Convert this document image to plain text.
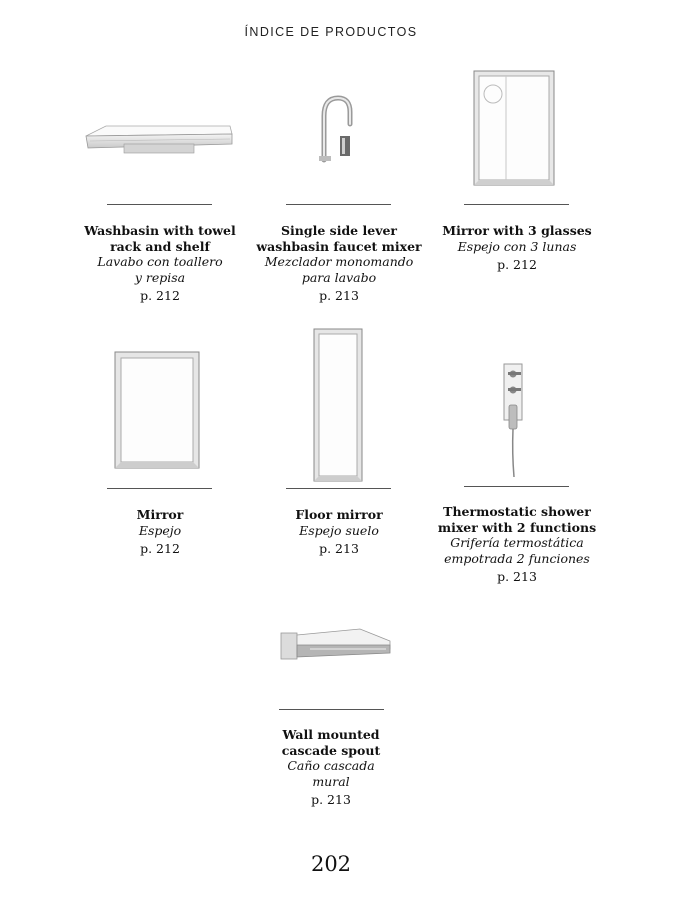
ÍNDICE DE PRODUCTOS
Washbasin with towel
rack and shelf
Lavabo con toallero
y repisa
p. 212
Single side lever
washbasin faucet mixer
Mezclador monomando
para lavabo
p. 213
Mirror with 3 glasses
Espejo con 3 lunas
p. 212
Mirror
Espejo
p. 212
Floor mirror
Espejo suelo
p. 213
Thermostatic shower
mixer with 2 functions
Grifería termostática
empotrada 2 funciones
p. 213
Wall mounted
cascade spout
Caño cascada
mural
p. 213
202
